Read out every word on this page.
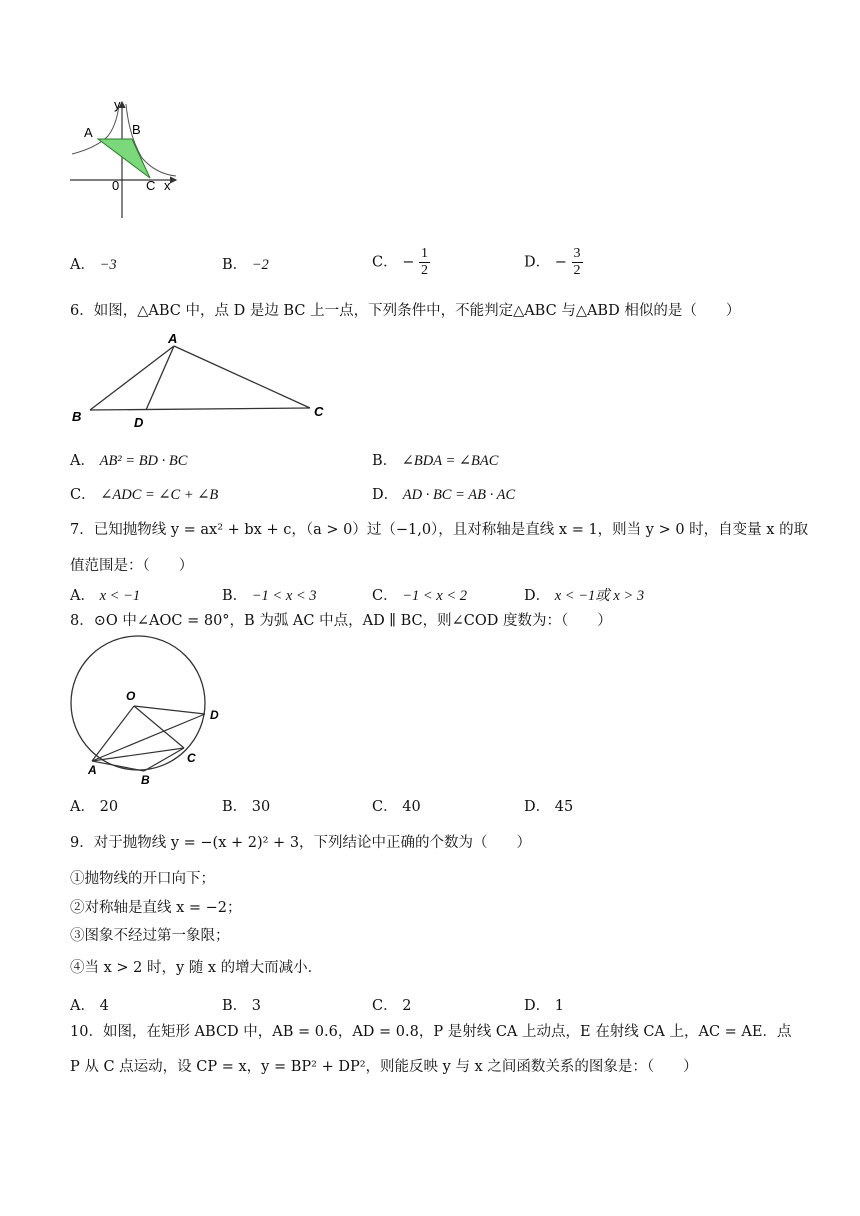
y
A	B
0 C x
A． −3	B． −2	C． − $\frac{1}{2}$	D． − $\frac{3}{2}$
6．如图，△ABC 中，点 D 是边 BC 上一点，下列条件中，不能判定△ABC 与△ABD 相似的是（　　）
A
B	D
C
A． AB² = BD · BC	B． ∠BDA = ∠BAC
C． ∠ADC = ∠C + ∠B	D． AD · BC = AB · AC
7．已知抛物线 y = ax² + bx + c，（a > 0）过（−1,0），且对称轴是直线 x = 1，则当 y > 0 时，自变量 x 的取
值范围是：（　　）
A． x < −1	B． −1 < x < 3	C． −1 < x < 2	D． x < −1或 x > 3
8．⊙O 中∠AOC = 80°，B 为弧 AC 中点，AD ∥ BC，则∠COD 度数为：（　　）
O
D
C
A
B
A． 20	B． 30	C． 40	D． 45
9．对于抛物线 y = −(x + 2)² + 3，下列结论中正确的个数为（　　）
①抛物线的开口向下；
②对称轴是直线 x = −2；
③图象不经过第一象限；
④当 x > 2 时，y 随 x 的增大而减小．
A． 4	B． 3	C． 2	D． 1
10．如图，在矩形 ABCD 中，AB = 0.6，AD = 0.8，P 是射线 CA 上动点，E 在射线 CA 上，AC = AE．点
P 从 C 点运动，设 CP = x，y = BP² + DP²，则能反映 y 与 x 之间函数关系的图象是：（　　）
